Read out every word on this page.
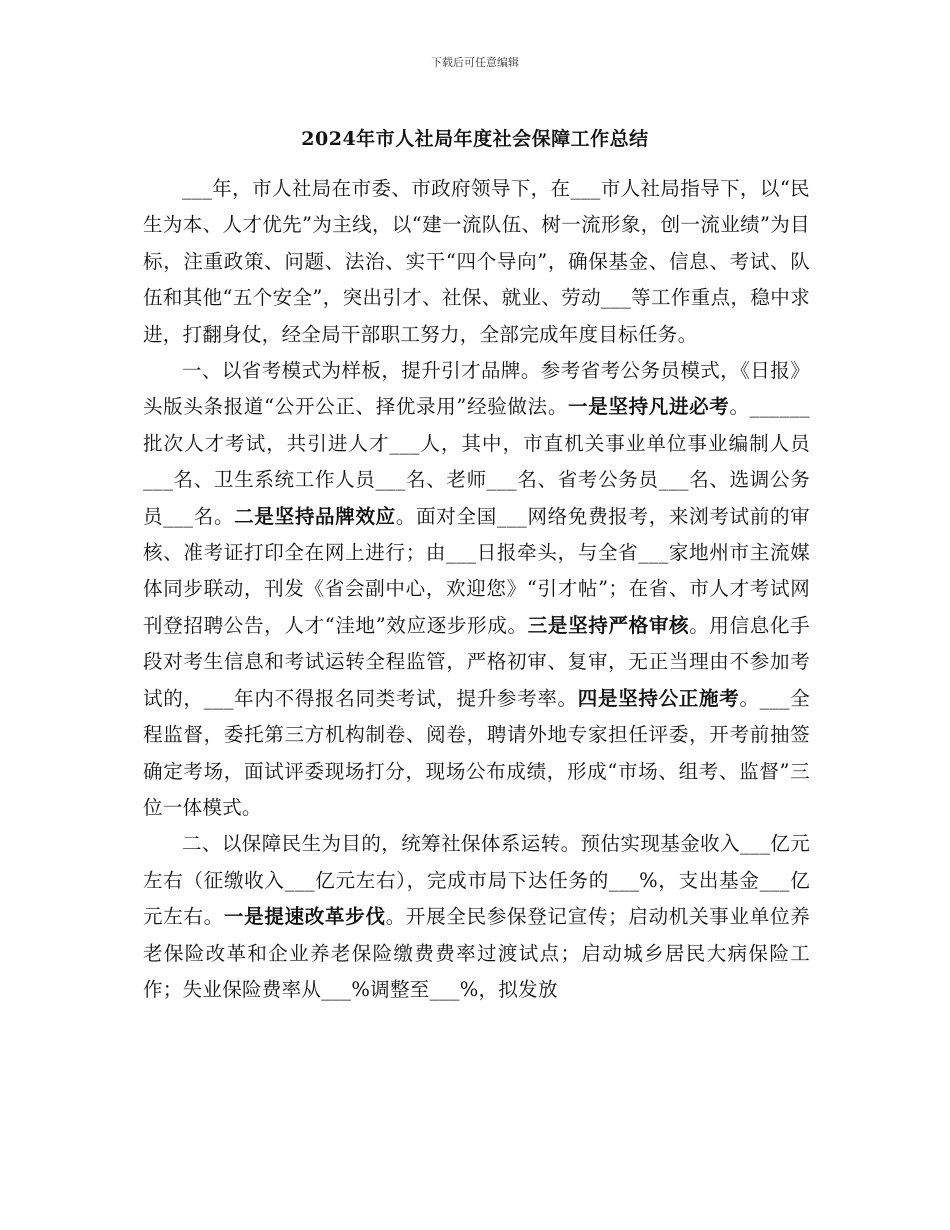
下载后可任意编辑
2024年市人社局年度社会保障工作总结

___年，市人社局在市委、市政府领导下，在___市人社局指导下，以“民生为本、人才优先”为主线，以“建一流队伍、树一流形象，创一流业绩”为目标，注重政策、问题、法治、实干“四个导向”，确保基金、信息、考试、队伍和其他“五个安全”，突出引才、社保、就业、劳动___等工作重点，稳中求进，打翻身仗，经全局干部职工努力，全部完成年度目标任务。

一、以省考模式为样板，提升引才品牌。参考省考公务员模式，《日报》头版头条报道“公开公正、择优录用”经验做法。一是坚持凡进必考。______批次人才考试，共引进人才___人，其中，市直机关事业单位事业编制人员___名、卫生系统工作人员___名、老师___名、省考公务员___名、选调公务员___名。二是坚持品牌效应。面对全国___网络免费报考，来浏考试前的审核、准考证打印全在网上进行；由___日报牵头，与全省___家地州市主流媒体同步联动，刊发《省会副中心，欢迎您》“引才帖”；在省、市人才考试网刊登招聘公告，人才“洼地”效应逐步形成。三是坚持严格审核。用信息化手段对考生信息和考试运转全程监管，严格初审、复审，无正当理由不参加考试的，___年内不得报名同类考试，提升参考率。四是坚持公正施考。___全程监督，委托第三方机构制卷、阅卷，聘请外地专家担任评委，开考前抽签确定考场，面试评委现场打分，现场公布成绩，形成“市场、组考、监督”三位一体模式。

二、以保障民生为目的，统筹社保体系运转。预估实现基金收入___亿元左右（征缴收入___亿元左右），完成市局下达任务的___%，支出基金___亿元左右。一是提速改革步伐。开展全民参保登记宣传；启动机关事业单位养老保险改革和企业养老保险缴费费率过渡试点；启动城乡居民大病保险工作；失业保险费率从___%调整至___%，拟发放
